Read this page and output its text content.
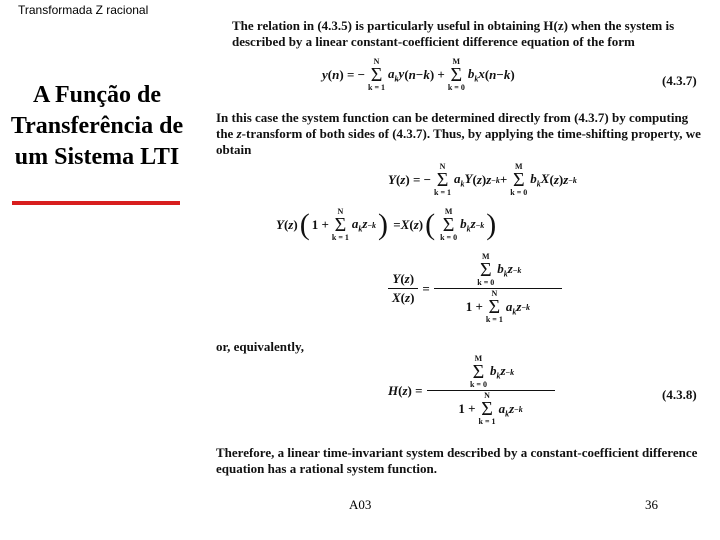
Transformada Z racional
A Função de Transferência de um Sistema LTI

The relation in (4.3.5) is particularly useful in obtaining H(z) when the system is described by a linear constant-coefficient difference equation of the form

y ( n ) = −
N
Σ
k = 1
$a_ky$ ( n − k ) +
M
Σ
k = 0
$b_kx$ ( n − k )	(4.3.7)

In this case the system function can be determined directly from (4.3.7) by computing the z-transform of both sides of (4.3.7). Thus, by applying the time-shifting property, we obtain

Y ( z ) = −
N
Σ
k = 1
$a_kY$ ( z ) z −k +
M
Σ
k = 0
$b_kX$ ( z ) z −k
Y ( z ) ( 1 +
N
Σ
k = 1
$a_kz -k$ ) = X ( z ) ( M
Σ
k = 0
$b_kz -k$ )
$\frac{Y ( z )}{X ( z )} = M$
Σ
k = 0
$b_kz -k$
1 +
N
Σ
k = 1
$a_kz -k$

or, equivalently,

H ( z ) = M
Σ
k = 0
$b_kz -k$
1 +
N
Σ
k = 1
$a_kz -k$	(4.3.8)

Therefore, a linear time-invariant system described by a constant-coefficient difference equation has a rational system function.

A03	36
